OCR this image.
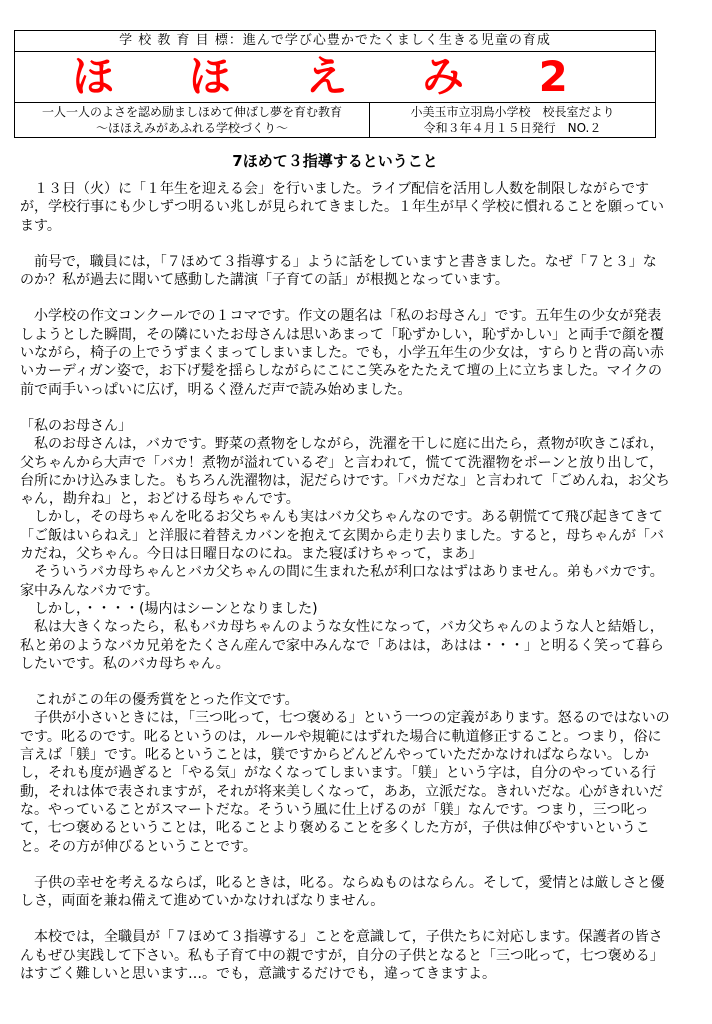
学 校 教 育 目 標：進んで学び心豊かでたくましく生きる児童の育成
ほ ほ え み 2
一人一人のよさを認め励ましほめて伸ばし夢を育む教育
～ほほえみがあふれる学校づくり～
小美玉市立羽鳥小学校　校長室だより
令和３年４月１５日発行　NO.２
7ほめて３指導するということ

１３日（火）に「１年生を迎える会」を行いました。ライブ配信を活用し人数を制限しながらですが，学校行事にも少しずつ明るい兆しが見られてきました。１年生が早く学校に慣れることを願っています。

前号で，職員には，「７ほめて３指導する」ように話をしていますと書きました。なぜ「７と３」なのか？私が過去に聞いて感動した講演「子育ての話」が根拠となっています。

小学校の作文コンクールでの１コマです。作文の題名は「私のお母さん」です。五年生の少女が発表しようとした瞬間，その隣にいたお母さんは思いあまって「恥ずかしい，恥ずかしい」と両手で顔を覆いながら，椅子の上でうずまくまってしまいました。でも，小学五年生の少女は，すらりと背の高い赤いカーディガン姿で，お下げ髪を揺らしながらにこにこ笑みをたたえて壇の上に立ちました。マイクの前で両手いっぱいに広げ，明るく澄んだ声で読み始めました。

「私のお母さん」

私のお母さんは，バカです。野菜の煮物をしながら，洗濯を干しに庭に出たら，煮物が吹きこぼれ，父ちゃんから大声で「バカ！煮物が溢れているぞ」と言われて，慌てて洗濯物をポーンと放り出して，台所にかけ込みました。もちろん洗濯物は，泥だらけです。「バカだな」と言われて「ごめんね，お父ちゃん，勘弁ね」と，おどける母ちゃんです。

しかし，その母ちゃんを叱るお父ちゃんも実はバカ父ちゃんなのです。ある朝慌てて飛び起きてきて「ご飯はいらねえ」と洋服に着替えカバンを抱えて玄関から走り去りました。すると，母ちゃんが「バカだね，父ちゃん。今日は日曜日なのにね。また寝ぼけちゃって，まあ」

そういうバカ母ちゃんとバカ父ちゃんの間に生まれた私が利口なはずはありません。弟もバカです。家中みんなバカです。

しかし，・・・・(場内はシーンとなりました)

私は大きくなったら，私もバカ母ちゃんのような女性になって，バカ父ちゃんのような人と結婚し，私と弟のようなバカ兄弟をたくさん産んで家中みんなで「あはは，あはは・・・」と明るく笑って暮らしたいです。私のバカ母ちゃん。

これがこの年の優秀賞をとった作文です。

子供が小さいときには，「三つ叱って，七つ褒める」という一つの定義があります。怒るのではないのです。叱るのです。叱るというのは，ルールや規範にはずれた場合に軌道修正すること。つまり，俗に言えば「躾」です。叱るということは，躾ですからどんどんやっていただかなければならない。しかし，それも度が過ぎると「やる気」がなくなってしまいます。「躾」という字は，自分のやっている行動，それは体で表されますが，それが将来美しくなって，ああ，立派だな。きれいだな。心がきれいだな。やっていることがスマートだな。そういう風に仕上げるのが「躾」なんです。つまり，三つ叱って，七つ褒めるということは，叱ることより褒めることを多くした方が，子供は伸びやすいということ。その方が伸びるということです。

子供の幸せを考えるならば，叱るときは，叱る。ならぬものはならん。そして，愛情とは厳しさと優しさ，両面を兼ね備えて進めていかなければなりません。

本校では，全職員が「７ほめて３指導する」ことを意識して，子供たちに対応します。保護者の皆さんもぜひ実践して下さい。私も子育て中の親ですが，自分の子供となると「三つ叱って，七つ褒める」はすごく難しいと思います…。でも，意識するだけでも，違ってきますよ。
